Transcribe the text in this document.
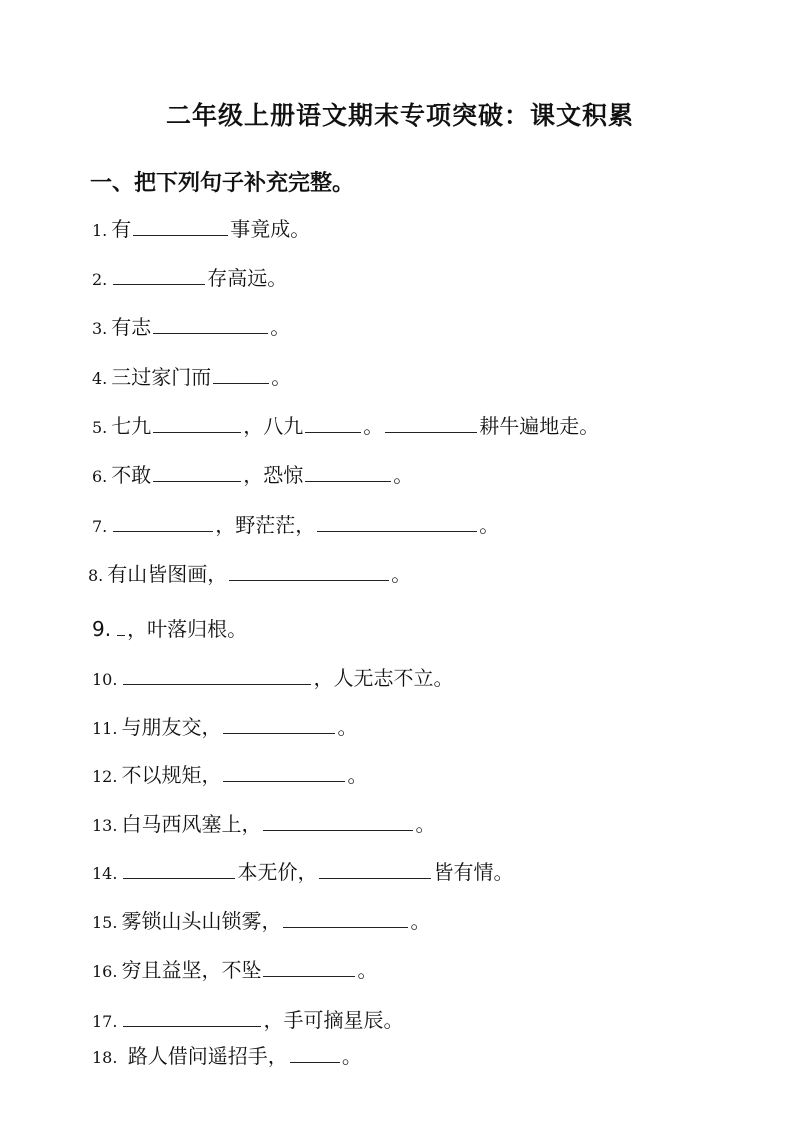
二年级上册语文期末专项突破：课文积累
一、把下列句子补充完整。
1. 有	事竟成。
2.	存高远。
3. 有志	。
4. 三过家门而	。
5. 七九	，八九	。	耕牛遍地走。
6. 不敢	，恐惊	。
7.	，野茫茫，	。
8. 有山皆图画，	。
9. ，叶落归根。
10.	，人无志不立。
11. 与朋友交，	。
12. 不以规矩，	。
13. 白马西风塞上，	。
14.	本无价，	皆有情。
15. 雾锁山头山锁雾，	。
16. 穷且益坚，不坠	。
17.	，手可摘星辰。
18. 路人借问遥招手，	。
